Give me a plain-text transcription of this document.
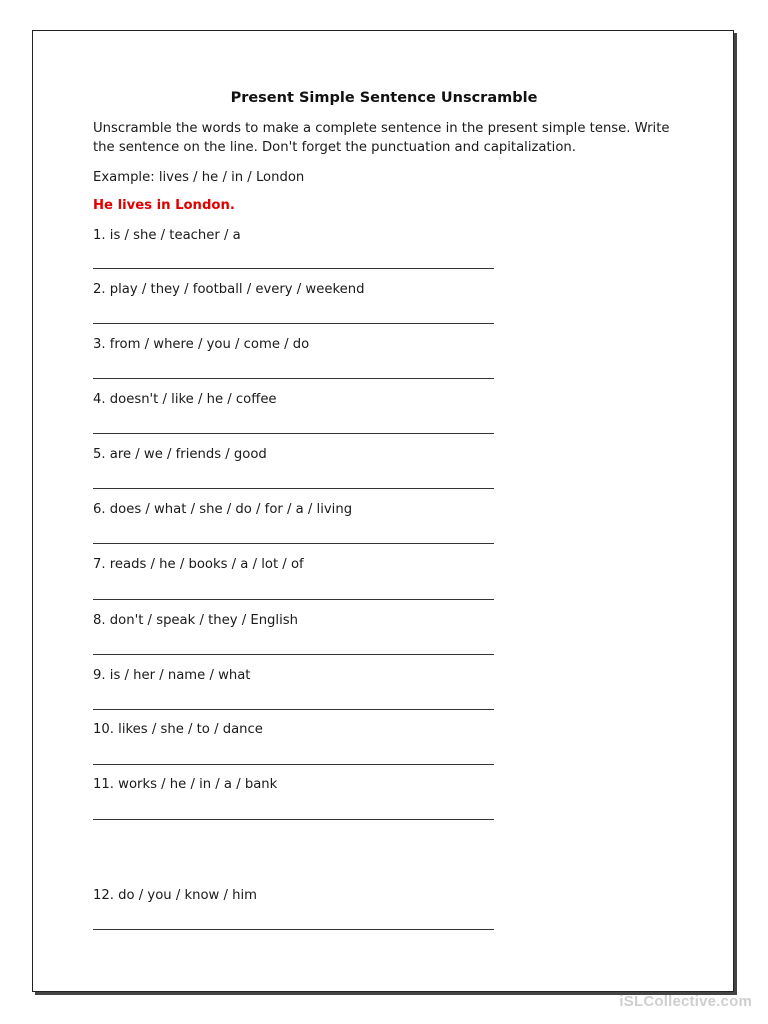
Present Simple Sentence Unscramble
Unscramble the words to make a complete sentence in the present simple tense. Write the sentence on the line. Don't forget the punctuation and capitalization.
Example: lives / he / in / London
He lives in London.
1. is / she / teacher / a
2. play / they / football / every / weekend
3. from / where / you / come / do
4. doesn't / like / he / coffee
5. are / we / friends / good
6. does / what / she / do / for / a / living
7. reads / he / books / a / lot / of
8. don't / speak / they / English
9. is / her / name / what
10. likes / she / to / dance
11. works / he / in / a / bank
12. do / you / know / him
iSLCollective.com
